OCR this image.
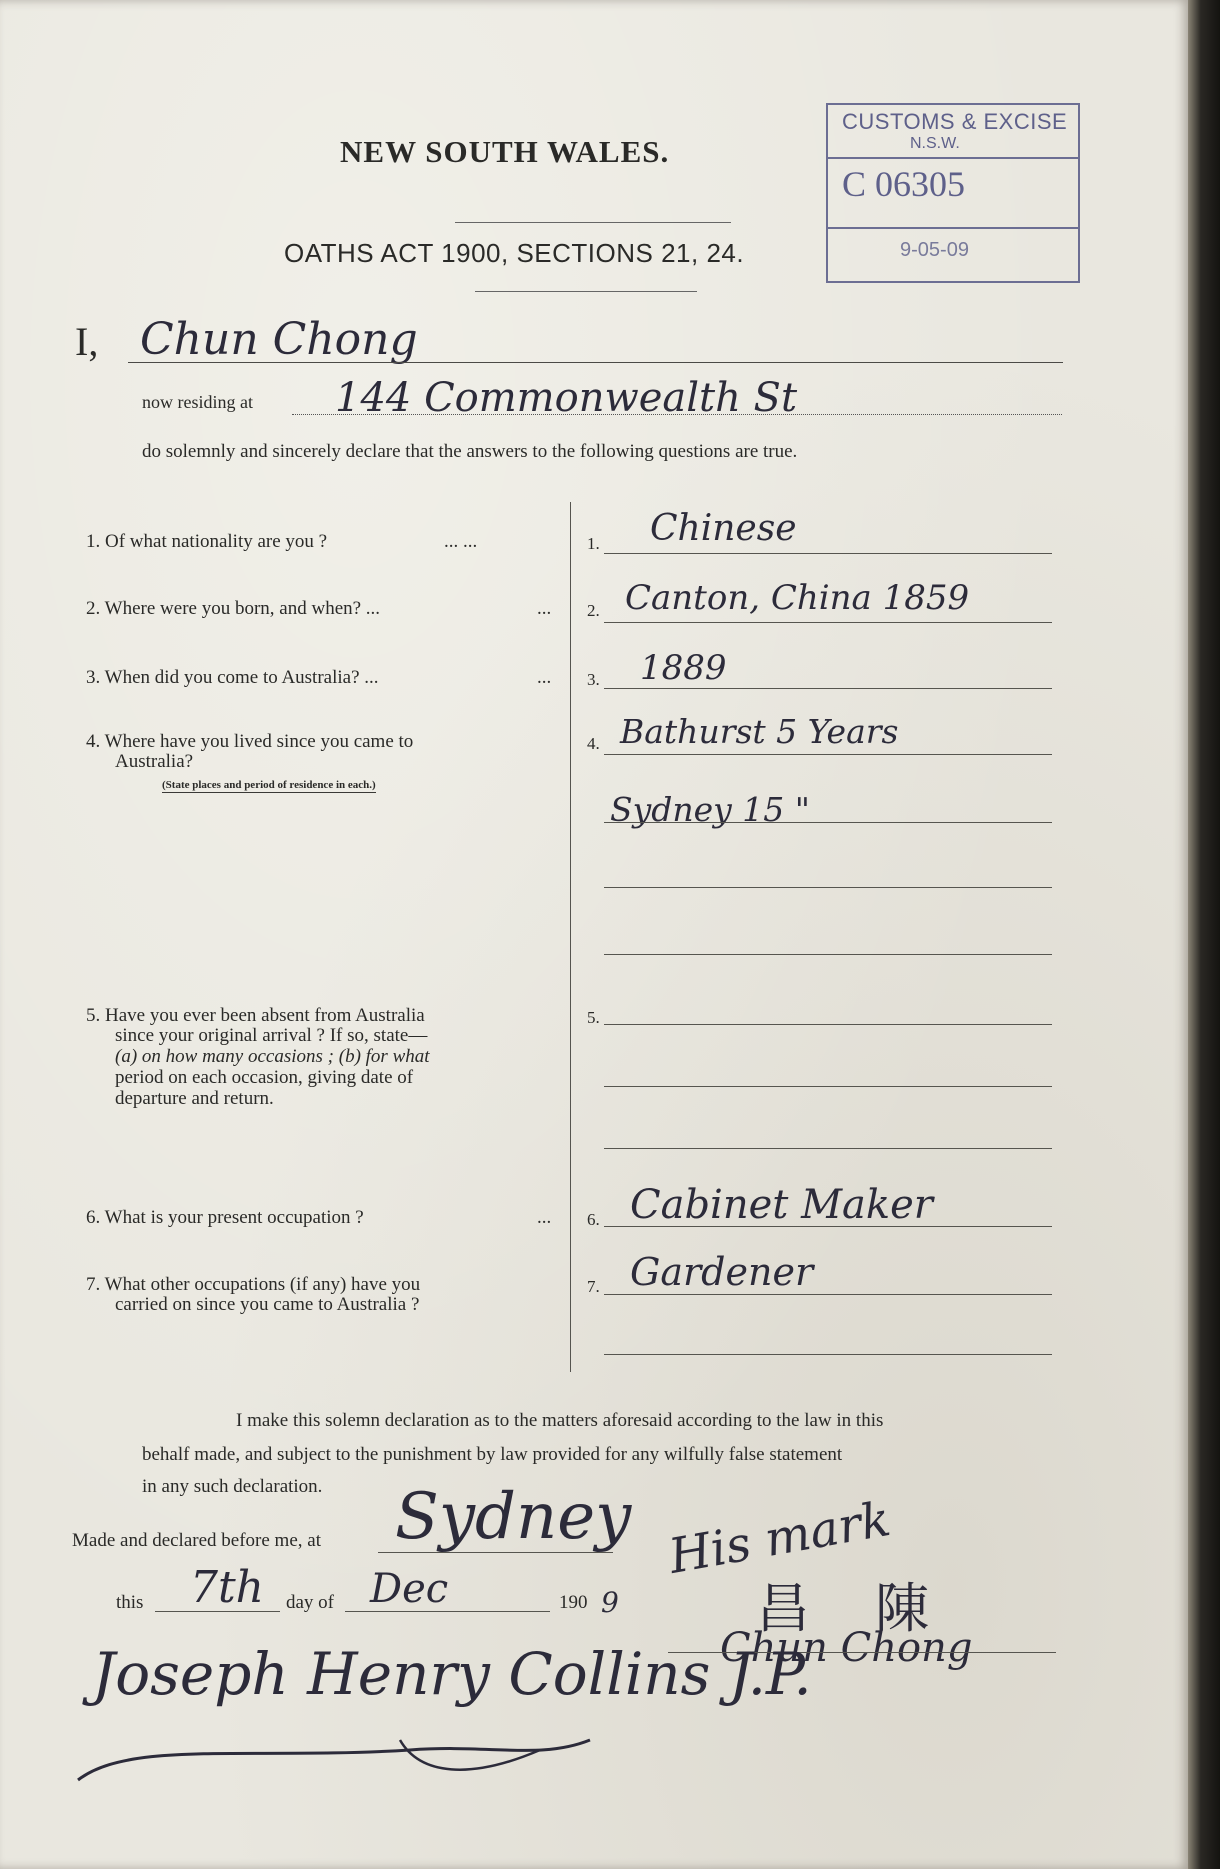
NEW SOUTH WALES.
OATHS ACT 1900, SECTIONS 21, 24.
CUSTOMS & EXCISE
N.S.W.
C 06305
9-05-09
I, Chun Chong
now residing at 144 Commonwealth St
do solemnly and sincerely declare that the answers to the following questions are true.
1. Of what nationality are you ?	... ...	1. Chinese
2. Where were you born, and when? ...	... 2. Canton, China 1859
3. When did you come to Australia? ...	... 3. 1889
4. Where have you lived since you came to
Australia?
(State places and period of residence in each.)
4. Bathurst 5 Years
Sydney 15 "
5. Have you ever been absent from Australia
since your original arrival ? If so, state—
(a) on how many occasions ; (b) for what
period on each occasion, giving date of
departure and return.
5.
6. What is your present occupation ?	... 6. Cabinet Maker
7. What other occupations (if any) have you
carried on since you came to Australia ?
7. Gardener
I make this solemn declaration as to the matters aforesaid according to the law in this
behalf made, and subject to the punishment by law provided for any wilfully false statement
in any such declaration.
Made and declared before me, at Sydney
this 7th day of Dec	190 9
His mark
昌 陳
Chun Chong
Joseph Henry Collins J.P.
